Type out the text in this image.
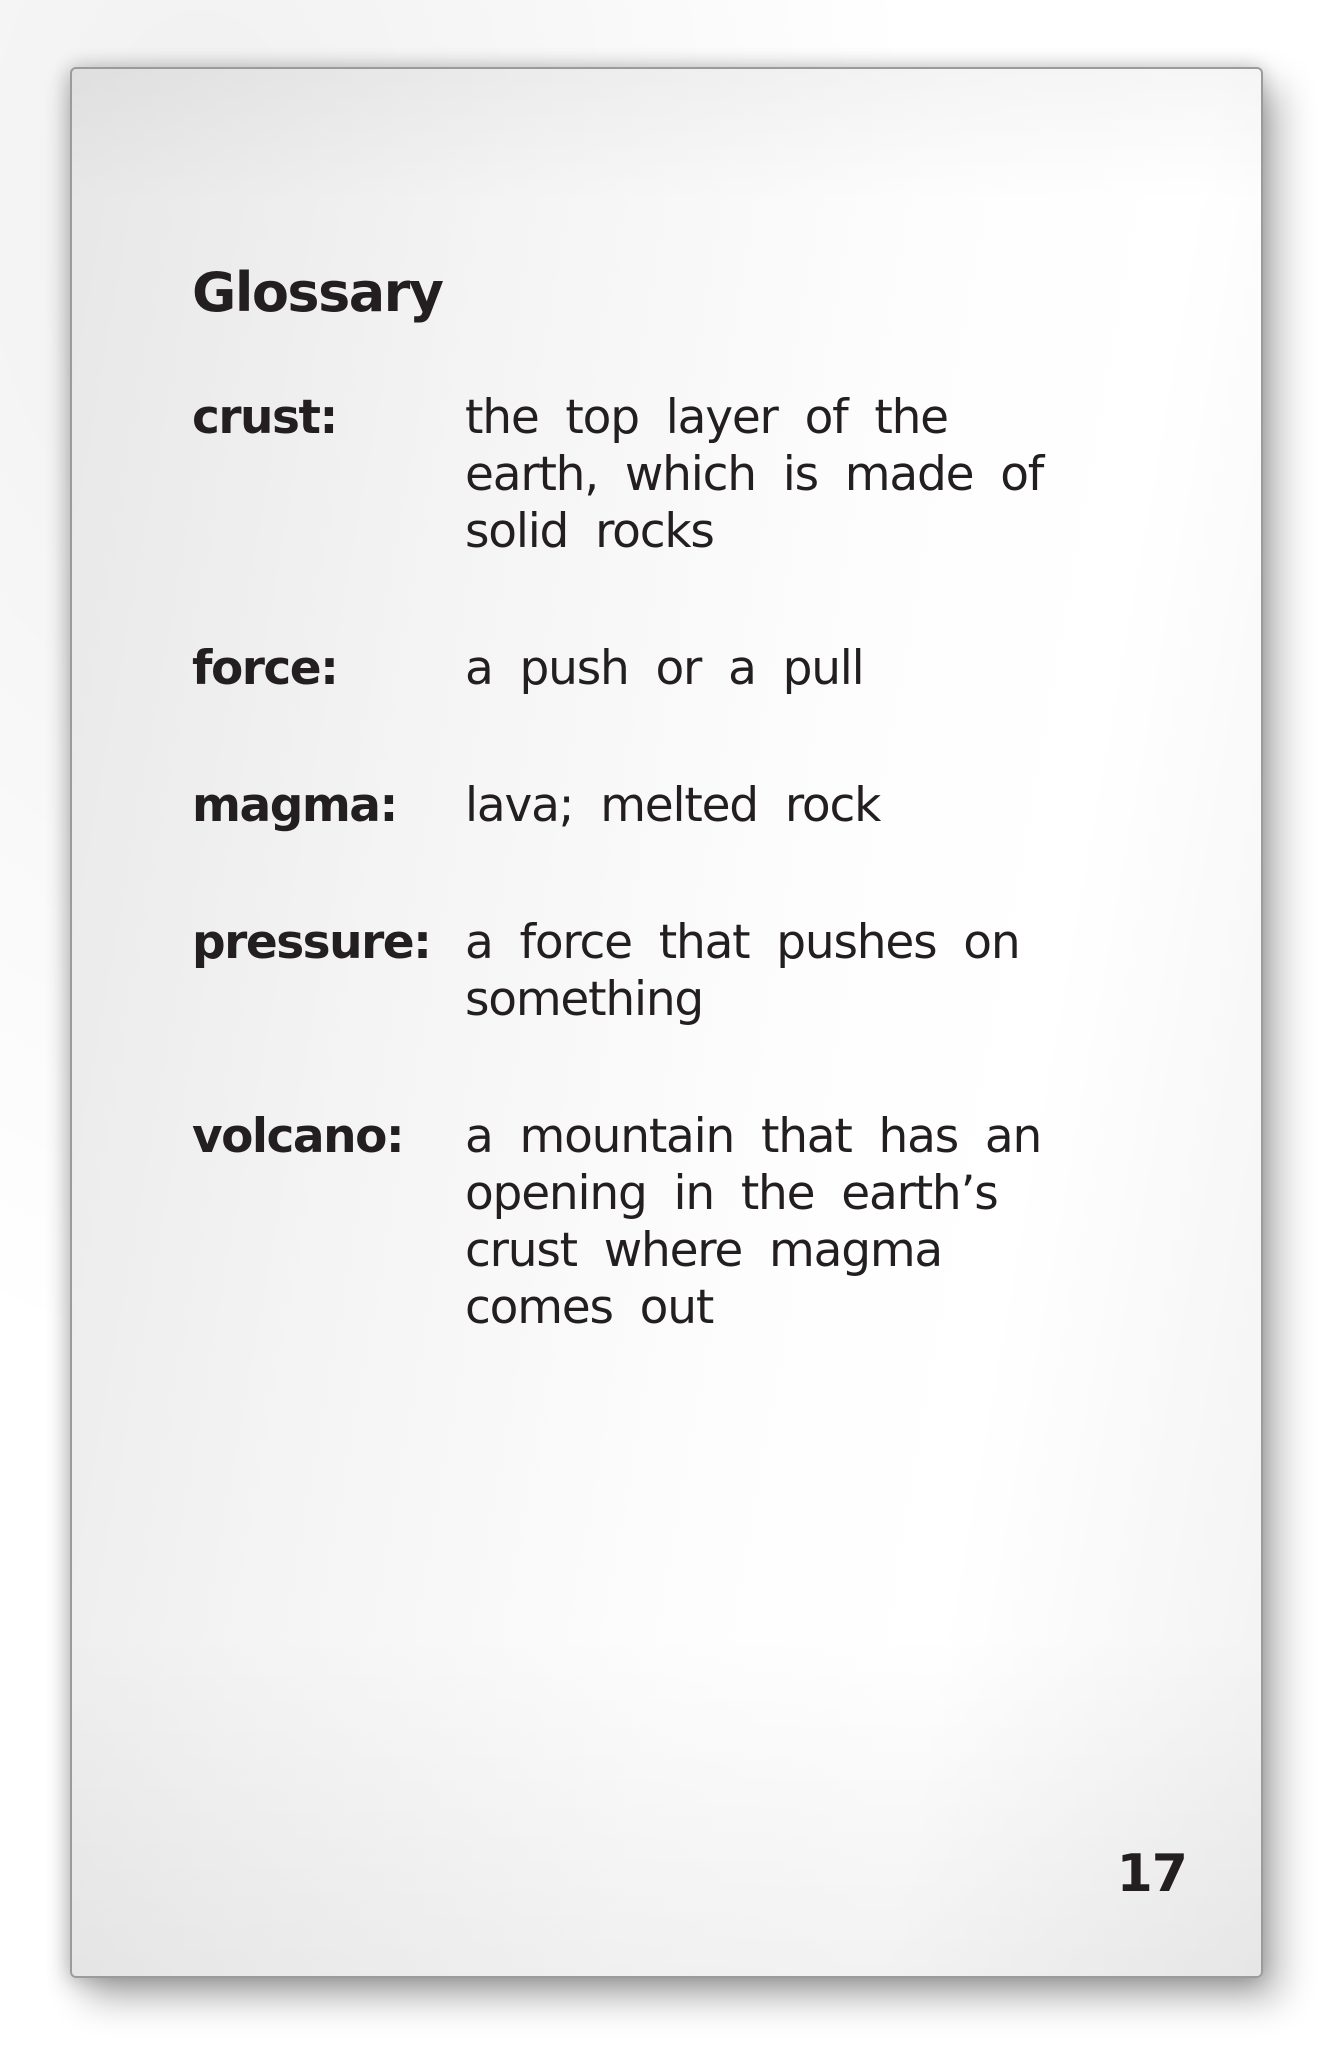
Glossary
crust:	the top layer of the
earth, which is made of
solid rocks
force:	a push or a pull
magma:	lava; melted rock
pressure: a force that pushes on
something
volcano:	a mountain that has an
opening in the earth’s
crust where magma
comes out
17
